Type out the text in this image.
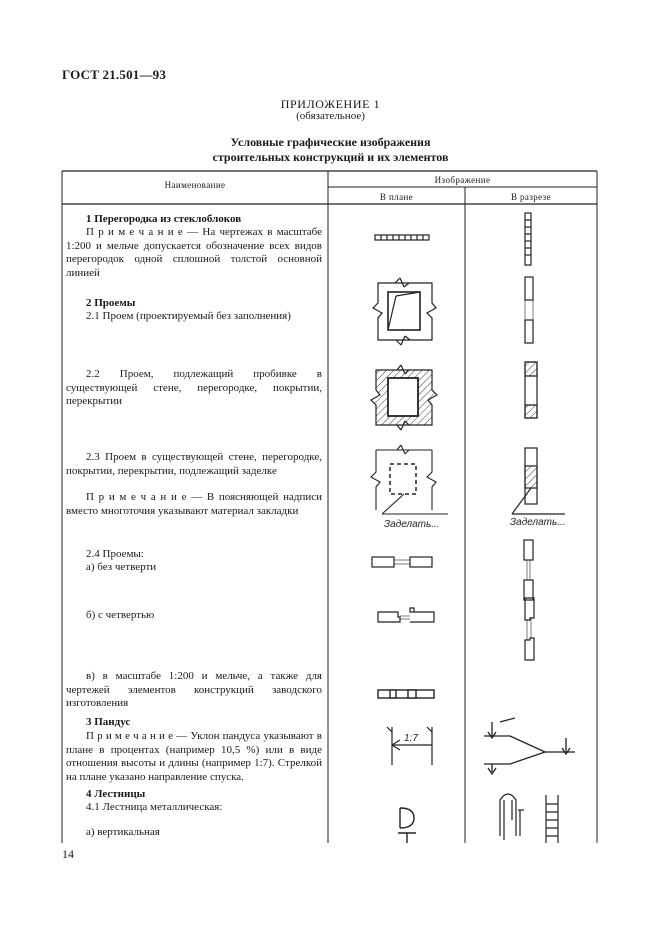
ГОСТ 21.501—93
ПРИЛОЖЕНИЕ 1
(обязательное)
Условные графические изображения
строительных конструкций и их элементов
Заделать...	Заделать...
1:7
Наименование	Изображение
В плане	В разрезе
1 Перегородка из стеклоблоков
П р и м е ч а н и е — На чертежах в масштабе 1:200 и мельче допускается обозначение всех видов перегородок одной сплошной толстой основной линией
2 Проемы
2.1 Проем (проектируемый без заполнения)
2.2 Проем, подлежащий пробивке в существующей стене, перегородке, покрытии, перекрытии
2.3 Проем в существующей стене, перегородке, покрытии, перекрытии, подлежащий заделке
П р и м е ч а н и е — В поясняющей надписи вместо многоточия указывают материал закладки
2.4 Проемы:
а) без четверти
б) с четвертью
в) в масштабе 1:200 и мельче, а также для чертежей элементов конструкций заводского изготовления
3 Пандус
П р и м е ч а н и е — Уклон пандуса указывают в плане в процентах (например 10,5 %) или в виде отношения высоты и длины (например 1:7). Стрелкой на плане указано направление спуска.
4 Лестницы
4.1 Лестница металлическая:
а) вертикальная
14
